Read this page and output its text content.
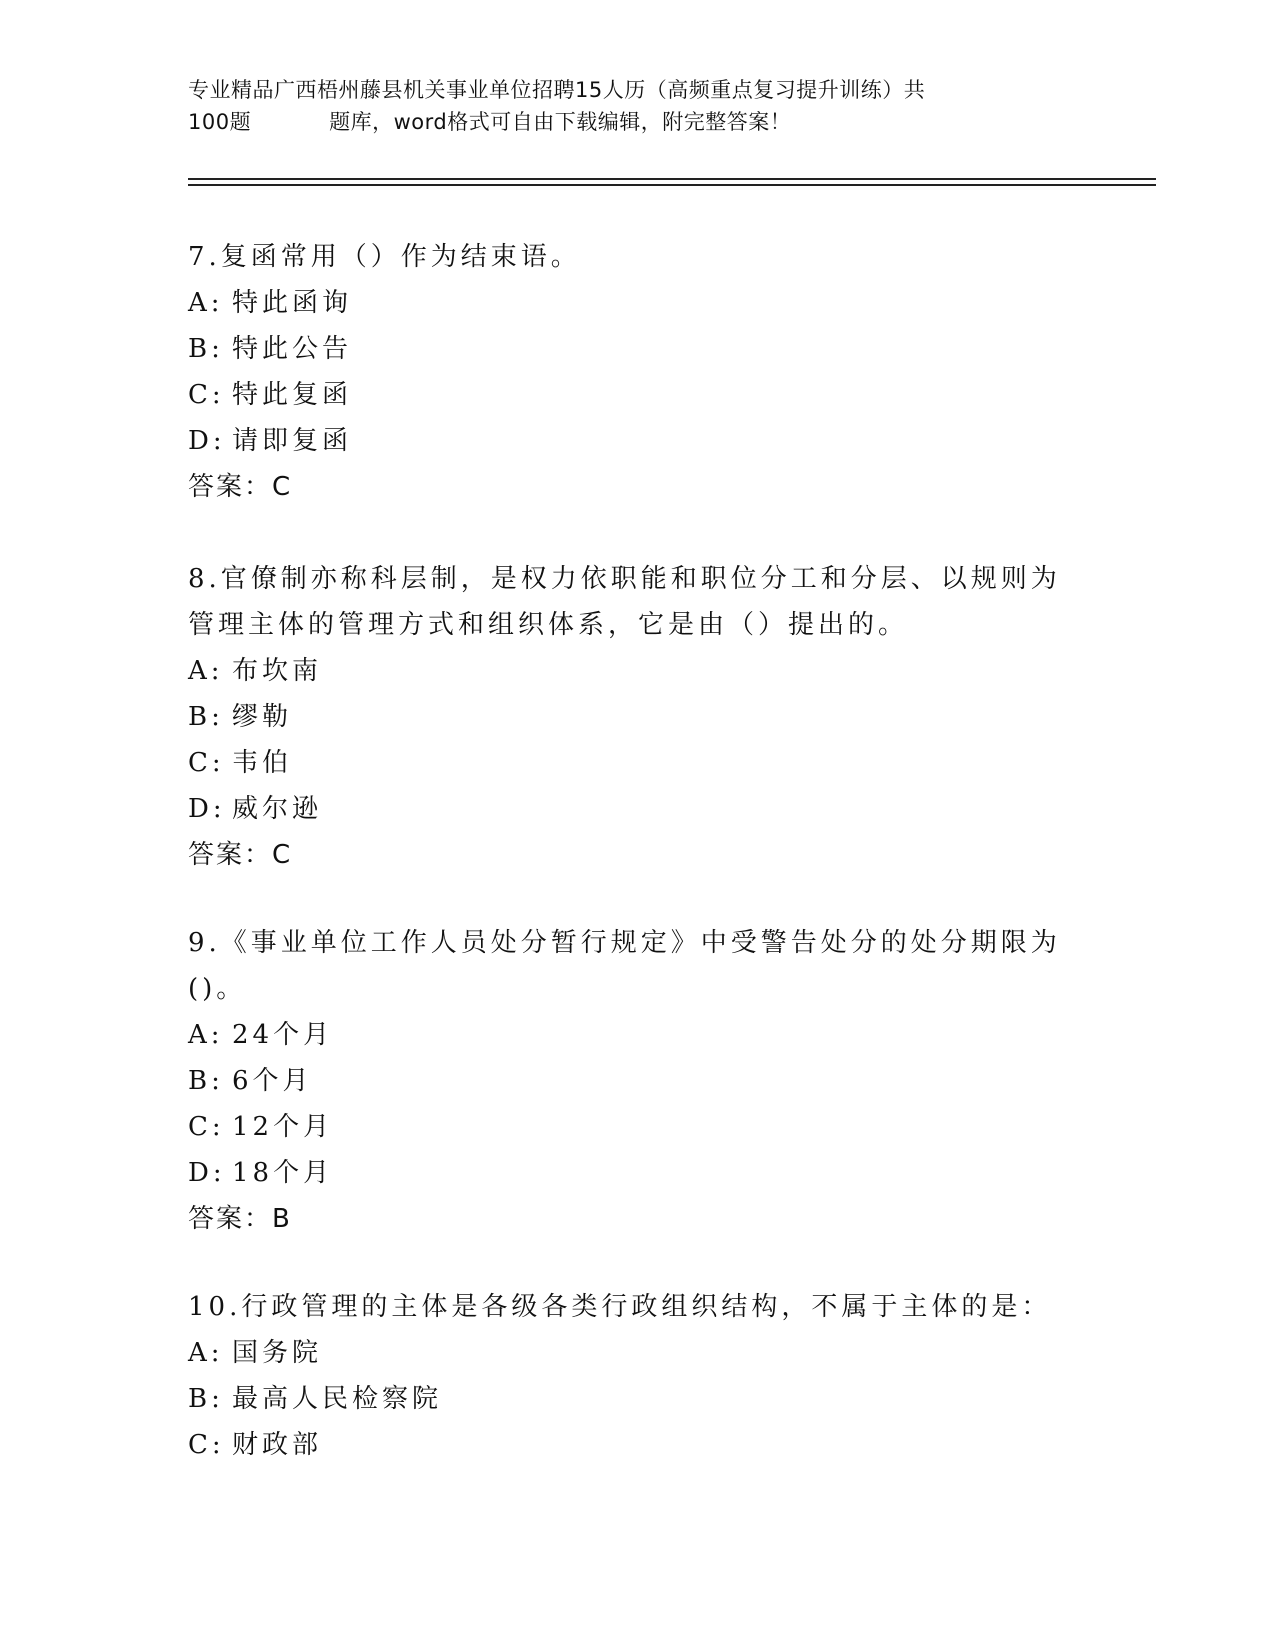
专业精品广西梧州藤县机关事业单位招聘15人历（高频重点复习提升训练）共
100题	题库，word格式可自由下载编辑，附完整答案！
7.复函常用（）作为结束语。
A: 特此函询
B: 特此公告
C: 特此复函
D: 请即复函
答案：C
8.官僚制亦称科层制，是权力依职能和职位分工和分层、以规则为管理主体的管理方式和组织体系，它是由（）提出的。
A: 布坎南
B: 缪勒
C: 韦伯
D: 威尔逊
答案：C
9.《事业单位工作人员处分暂行规定》中受警告处分的处分期限为()。
A: 24个月
B: 6个月
C: 12个月
D: 18个月
答案：B
10.行政管理的主体是各级各类行政组织结构，不属于主体的是：
A: 国务院
B: 最高人民检察院
C: 财政部
